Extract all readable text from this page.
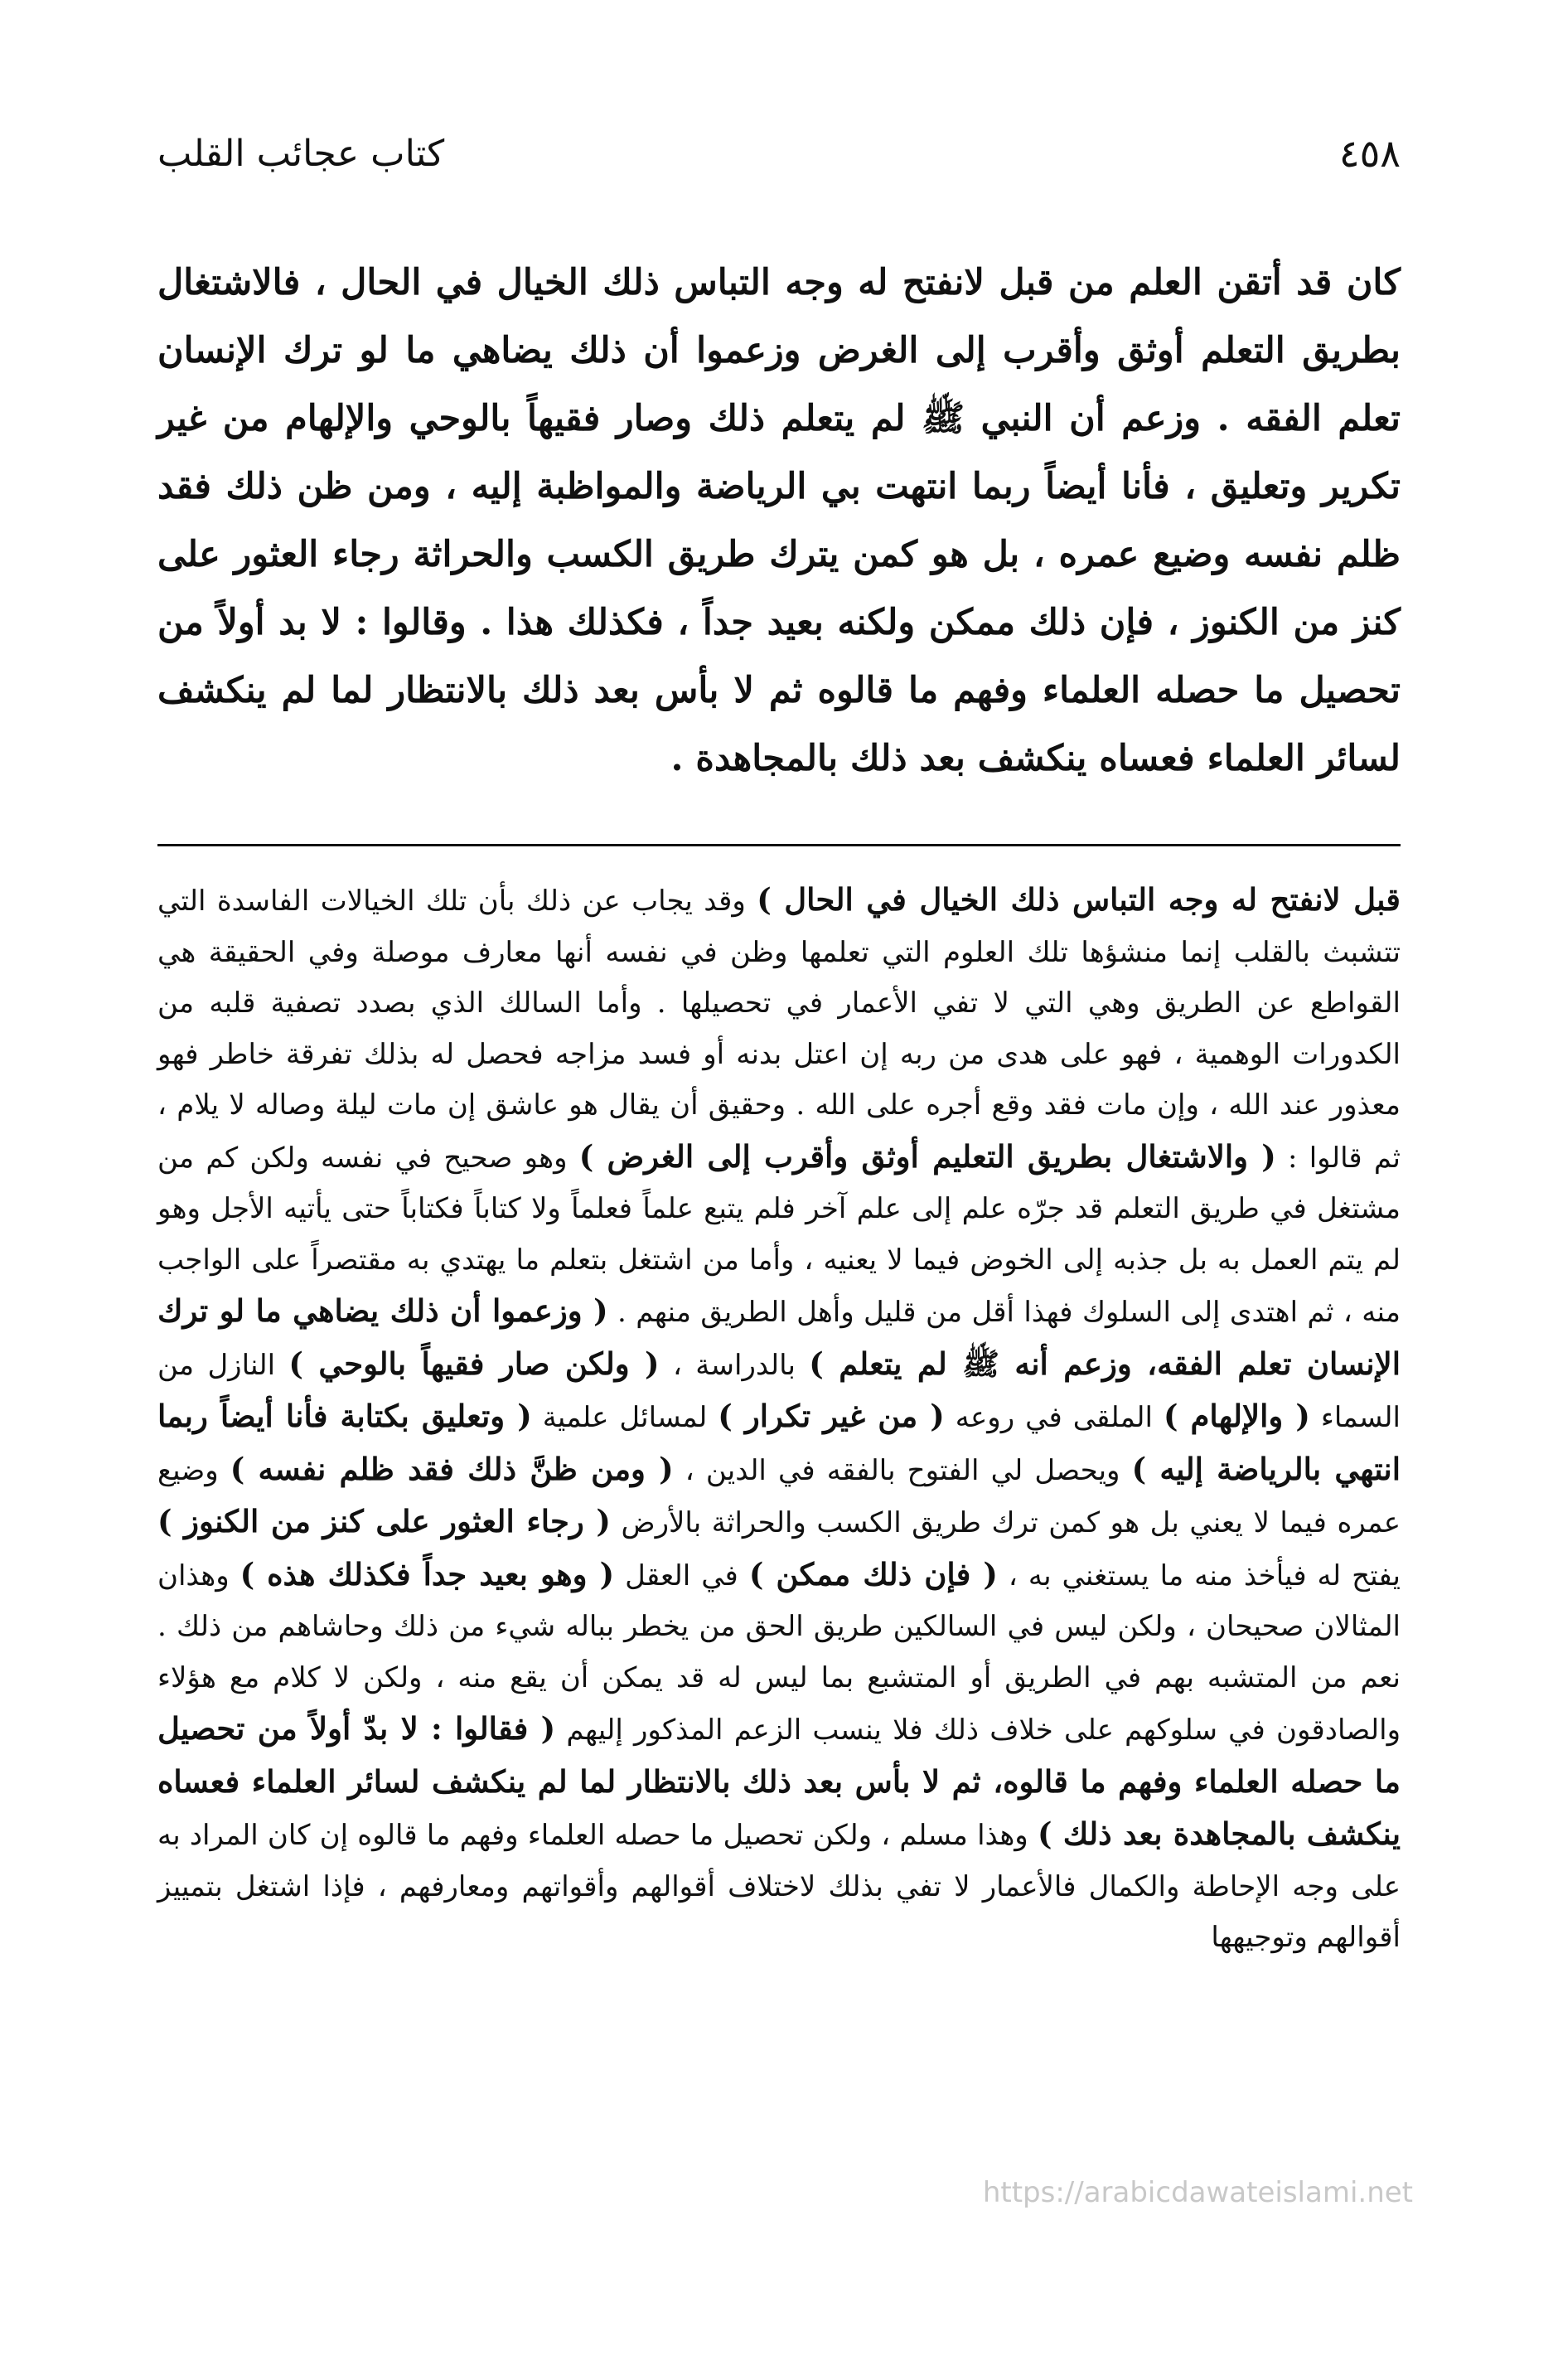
٤٥٨
كتاب عجائب القلب

كان قد أتقن العلم من قبل لانفتح له وجه التباس ذلك الخيال في الحال ، فالاشتغال بطريق التعلم أوثق وأقرب إلى الغرض وزعموا أن ذلك يضاهي ما لو ترك الإنسان تعلم الفقه . وزعم أن النبي ﷺ لم يتعلم ذلك وصار فقيهاً بالوحي والإلهام من غير تكرير وتعليق ، فأنا أيضاً ربما انتهت بي الرياضة والمواظبة إليه ، ومن ظن ذلك فقد ظلم نفسه وضيع عمره ، بل هو كمن يترك طريق الكسب والحراثة رجاء العثور على كنز من الكنوز ، فإن ذلك ممكن ولكنه بعيد جداً ، فكذلك هذا . وقالوا : لا بد أولاً من تحصيل ما حصله العلماء وفهم ما قالوه ثم لا بأس بعد ذلك بالانتظار لما لم ينكشف لسائر العلماء فعساه ينكشف بعد ذلك بالمجاهدة .

قبل لانفتح له وجه التباس ذلك الخيال في الحال ) وقد يجاب عن ذلك بأن تلك الخيالات الفاسدة التي تتشبث بالقلب إنما منشؤها تلك العلوم التي تعلمها وظن في نفسه أنها معارف موصلة وفي الحقيقة هي القواطع عن الطريق وهي التي لا تفي الأعمار في تحصيلها . وأما السالك الذي بصدد تصفية قلبه من الكدورات الوهمية ، فهو على هدى من ربه إن اعتل بدنه أو فسد مزاجه فحصل له بذلك تفرقة خاطر فهو معذور عند الله ، وإن مات فقد وقع أجره على الله . وحقيق أن يقال هو عاشق إن مات ليلة وصاله لا يلام ، ثم قالوا : ( والاشتغال بطريق التعليم أوثق وأقرب إلى الغرض ) وهو صحيح في نفسه ولكن كم من مشتغل في طريق التعلم قد جرّه علم إلى علم آخر فلم يتبع علماً فعلماً ولا كتاباً فكتاباً حتى يأتيه الأجل وهو لم يتم العمل به بل جذبه إلى الخوض فيما لا يعنيه ، وأما من اشتغل بتعلم ما يهتدي به مقتصراً على الواجب منه ، ثم اهتدى إلى السلوك فهذا أقل من قليل وأهل الطريق منهم . ( وزعموا أن ذلك يضاهي ما لو ترك الإنسان تعلم الفقه، وزعم أنه ﷺ لم يتعلم ) بالدراسة ، ( ولكن صار فقيهاً بالوحي ) النازل من السماء ( والإلهام ) الملقى في روعه ( من غير تكرار ) لمسائل علمية ( وتعليق بكتابة فأنا أيضاً ربما انتهي بالرياضة إليه ) ويحصل لي الفتوح بالفقه في الدين ، ( ومن ظنَّ ذلك فقد ظلم نفسه ) وضيع عمره فيما لا يعني بل هو كمن ترك طريق الكسب والحراثة بالأرض ( رجاء العثور على كنز من الكنوز ) يفتح له فيأخذ منه ما يستغني به ، ( فإن ذلك ممكن ) في العقل ( وهو بعيد جداً فكذلك هذه ) وهذان المثالان صحيحان ، ولكن ليس في السالكين طريق الحق من يخطر بباله شيء من ذلك وحاشاهم من ذلك . نعم من المتشبه بهم في الطريق أو المتشبع بما ليس له قد يمكن أن يقع منه ، ولكن لا كلام مع هؤلاء والصادقون في سلوكهم على خلاف ذلك فلا ينسب الزعم المذكور إليهم ( فقالوا : لا بدّ أولاً من تحصيل ما حصله العلماء وفهم ما قالوه، ثم لا بأس بعد ذلك بالانتظار لما لم ينكشف لسائر العلماء فعساه ينكشف بالمجاهدة بعد ذلك ) وهذا مسلم ، ولكن تحصيل ما حصله العلماء وفهم ما قالوه إن كان المراد به على وجه الإحاطة والكمال فالأعمار لا تفي بذلك لاختلاف أقوالهم وأقواتهم ومعارفهم ، فإذا اشتغل بتمييز أقوالهم وتوجيهها

https://arabicdawateislami.net
